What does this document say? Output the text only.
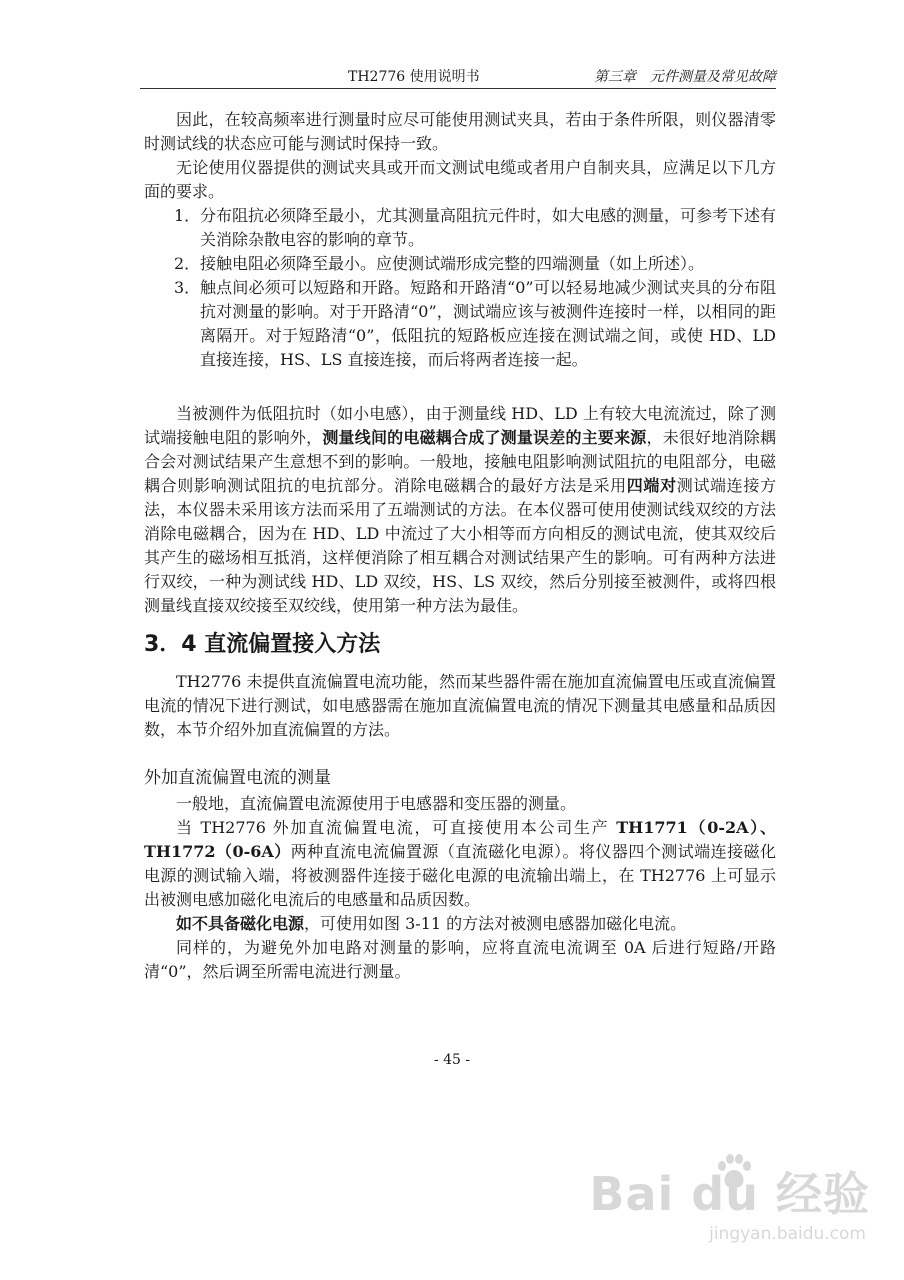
TH2776 使用说明书	第三章　元件测量及常见故障

因此，在较高频率进行测量时应尽可能使用测试夹具，若由于条件所限，则仪器清零时测试线的状态应可能与测试时保持一致。

无论使用仪器提供的测试夹具或开而文测试电缆或者用户自制夹具，应满足以下几方面的要求。

1． 分布阻抗必须降至最小，尤其测量高阻抗元件时，如大电感的测量，可参考下述有关消除杂散电容的影响的章节。
2． 接触电阻必须降至最小。应使测试端形成完整的四端测量（如上所述）。
3． 触点间必须可以短路和开路。短路和开路清“0”可以轻易地减少测试夹具的分布阻抗对测量的影响。对于开路清“0”，测试端应该与被测件连接时一样，以相同的距离隔开。对于短路清“0”，低阻抗的短路板应连接在测试端之间，或使 HD、LD 直接连接，HS、LS 直接连接，而后将两者连接一起。

当被测件为低阻抗时（如小电感），由于测量线 HD、LD 上有较大电流流过，除了测试端接触电阻的影响外，测量线间的电磁耦合成了测量误差的主要来源，未很好地消除耦合会对测试结果产生意想不到的影响。一般地，接触电阻影响测试阻抗的电阻部分，电磁耦合则影响测试阻抗的电抗部分。消除电磁耦合的最好方法是采用四端对测试端连接方法，本仪器未采用该方法而采用了五端测试的方法。在本仪器可使用使测试线双绞的方法消除电磁耦合，因为在 HD、LD 中流过了大小相等而方向相反的测试电流，使其双绞后其产生的磁场相互抵消，这样便消除了相互耦合对测试结果产生的影响。可有两种方法进行双绞，一种为测试线 HD、LD 双绞，HS、LS 双绞，然后分别接至被测件，或将四根测量线直接双绞接至双绞线，使用第一种方法为最佳。

3．4 直流偏置接入方法

TH2776 未提供直流偏置电流功能，然而某些器件需在施加直流偏置电压或直流偏置电流的情况下进行测试，如电感器需在施加直流偏置电流的情况下测量其电感量和品质因数，本节介绍外加直流偏置的方法。

外加直流偏置电流的测量

一般地，直流偏置电流源使用于电感器和变压器的测量。

当 TH2776 外加直流偏置电流，可直接使用本公司生产 TH1771（0-2A）、TH1772（0-6A）两种直流电流偏置源（直流磁化电源）。将仪器四个测试端连接磁化电源的测试输入端，将被测器件连接于磁化电源的电流输出端上，在 TH2776 上可显示出被测电感加磁化电流后的电感量和品质因数。

如不具备磁化电源，可使用如图 3-11 的方法对被测电感器加磁化电流。

同样的，为避免外加电路对测量的影响，应将直流电流调至 0A 后进行短路/开路清“0”，然后调至所需电流进行测量。

- 45 -
Bai du 经验
jingyan.baidu.com
